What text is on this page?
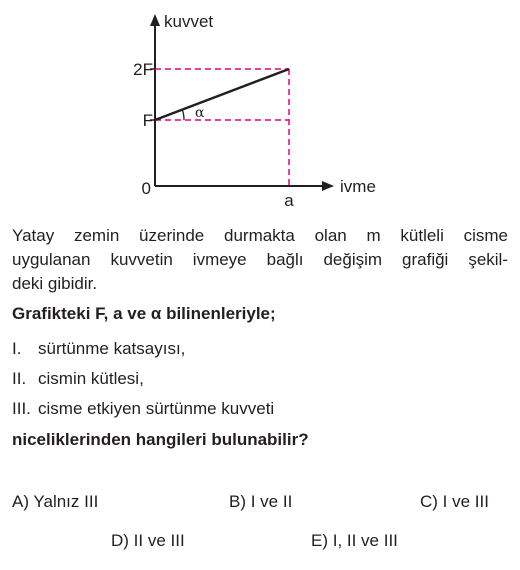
kuvvet
ivme
2F
F
0
a
α
Yatay zemin üzerinde durmakta olan m kütleli cisme
uygulanan kuvvetin ivmeye bağlı değişim grafiği şekil-
deki gibidir.
Grafikteki F, a ve α bilinenleriyle;
I. sürtünme katsayısı,
II. cismin kütlesi,
III. cisme etkiyen sürtünme kuvveti
niceliklerinden hangileri bulunabilir?
A) Yalnız III	B) I ve II	C) I ve III
D) II ve III	E) I, II ve III
